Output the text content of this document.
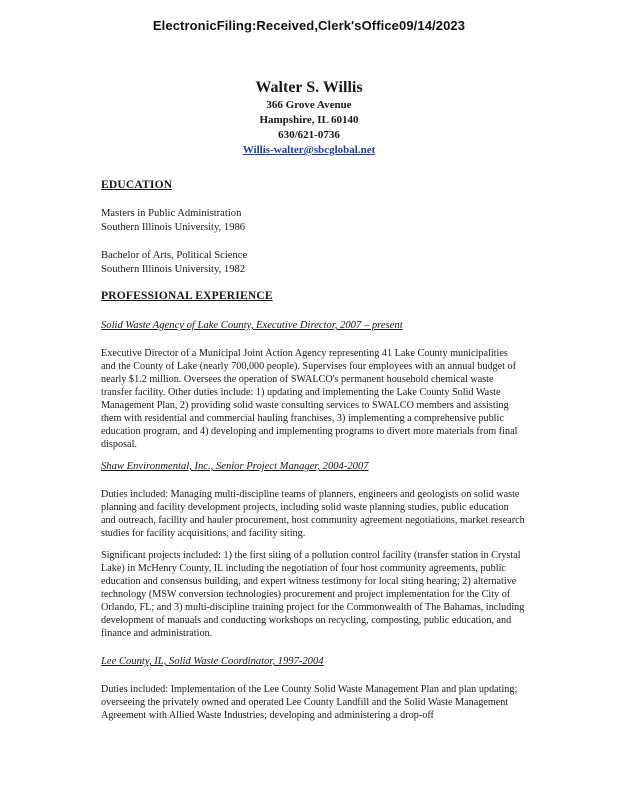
ElectronicFiling:Received,Clerk'sOffice09/14/2023
Walter S. Willis
366 Grove Avenue
Hampshire, IL 60140
630/621-0736
Willis-walter@sbcglobal.net
EDUCATION

Masters in Public Administration

Southern Illinois University, 1986

Bachelor of Arts, Political Science

Southern Illinois University, 1982

PROFESSIONAL EXPERIENCE
Solid Waste Agency of Lake County, Executive Director, 2007 – present

Executive Director of a Municipal Joint Action Agency representing 41 Lake County municipalities and the County of Lake (nearly 700,000 people). Supervises four employees with an annual budget of nearly $1.2 million. Oversees the operation of SWALCO's permanent household chemical waste transfer facility. Other duties include: 1) updating and implementing the Lake County Solid Waste Management Plan, 2) providing solid waste consulting services to SWALCO members and assisting them with residential and commercial hauling franchises, 3) implementing a comprehensive public education program, and 4) developing and implementing programs to divert more materials from final disposal.

Shaw Environmental, Inc., Senior Project Manager, 2004-2007

Duties included: Managing multi-discipline teams of planners, engineers and geologists on solid waste planning and facility development projects, including solid waste planning studies, public education and outreach, facility and hauler procurement, host community agreement negotiations, market research studies for facility acquisitions, and facility siting.

Significant projects included: 1) the first siting of a pollution control facility (transfer station in Crystal Lake) in McHenry County, IL including the negotiation of four host community agreements, public education and consensus building, and expert witness testimony for local siting hearing; 2) alternative technology (MSW conversion technologies) procurement and project implementation for the City of Orlando, FL; and 3) multi-discipline training project for the Commonwealth of The Bahamas, including development of manuals and conducting workshops on recycling, composting, public education, and finance and administration.

Lee County, IL, Solid Waste Coordinator, 1997-2004

Duties included: Implementation of the Lee County Solid Waste Management Plan and plan updating; overseeing the privately owned and operated Lee County Landfill and the Solid Waste Management Agreement with Allied Waste Industries; developing and administering a drop-off
